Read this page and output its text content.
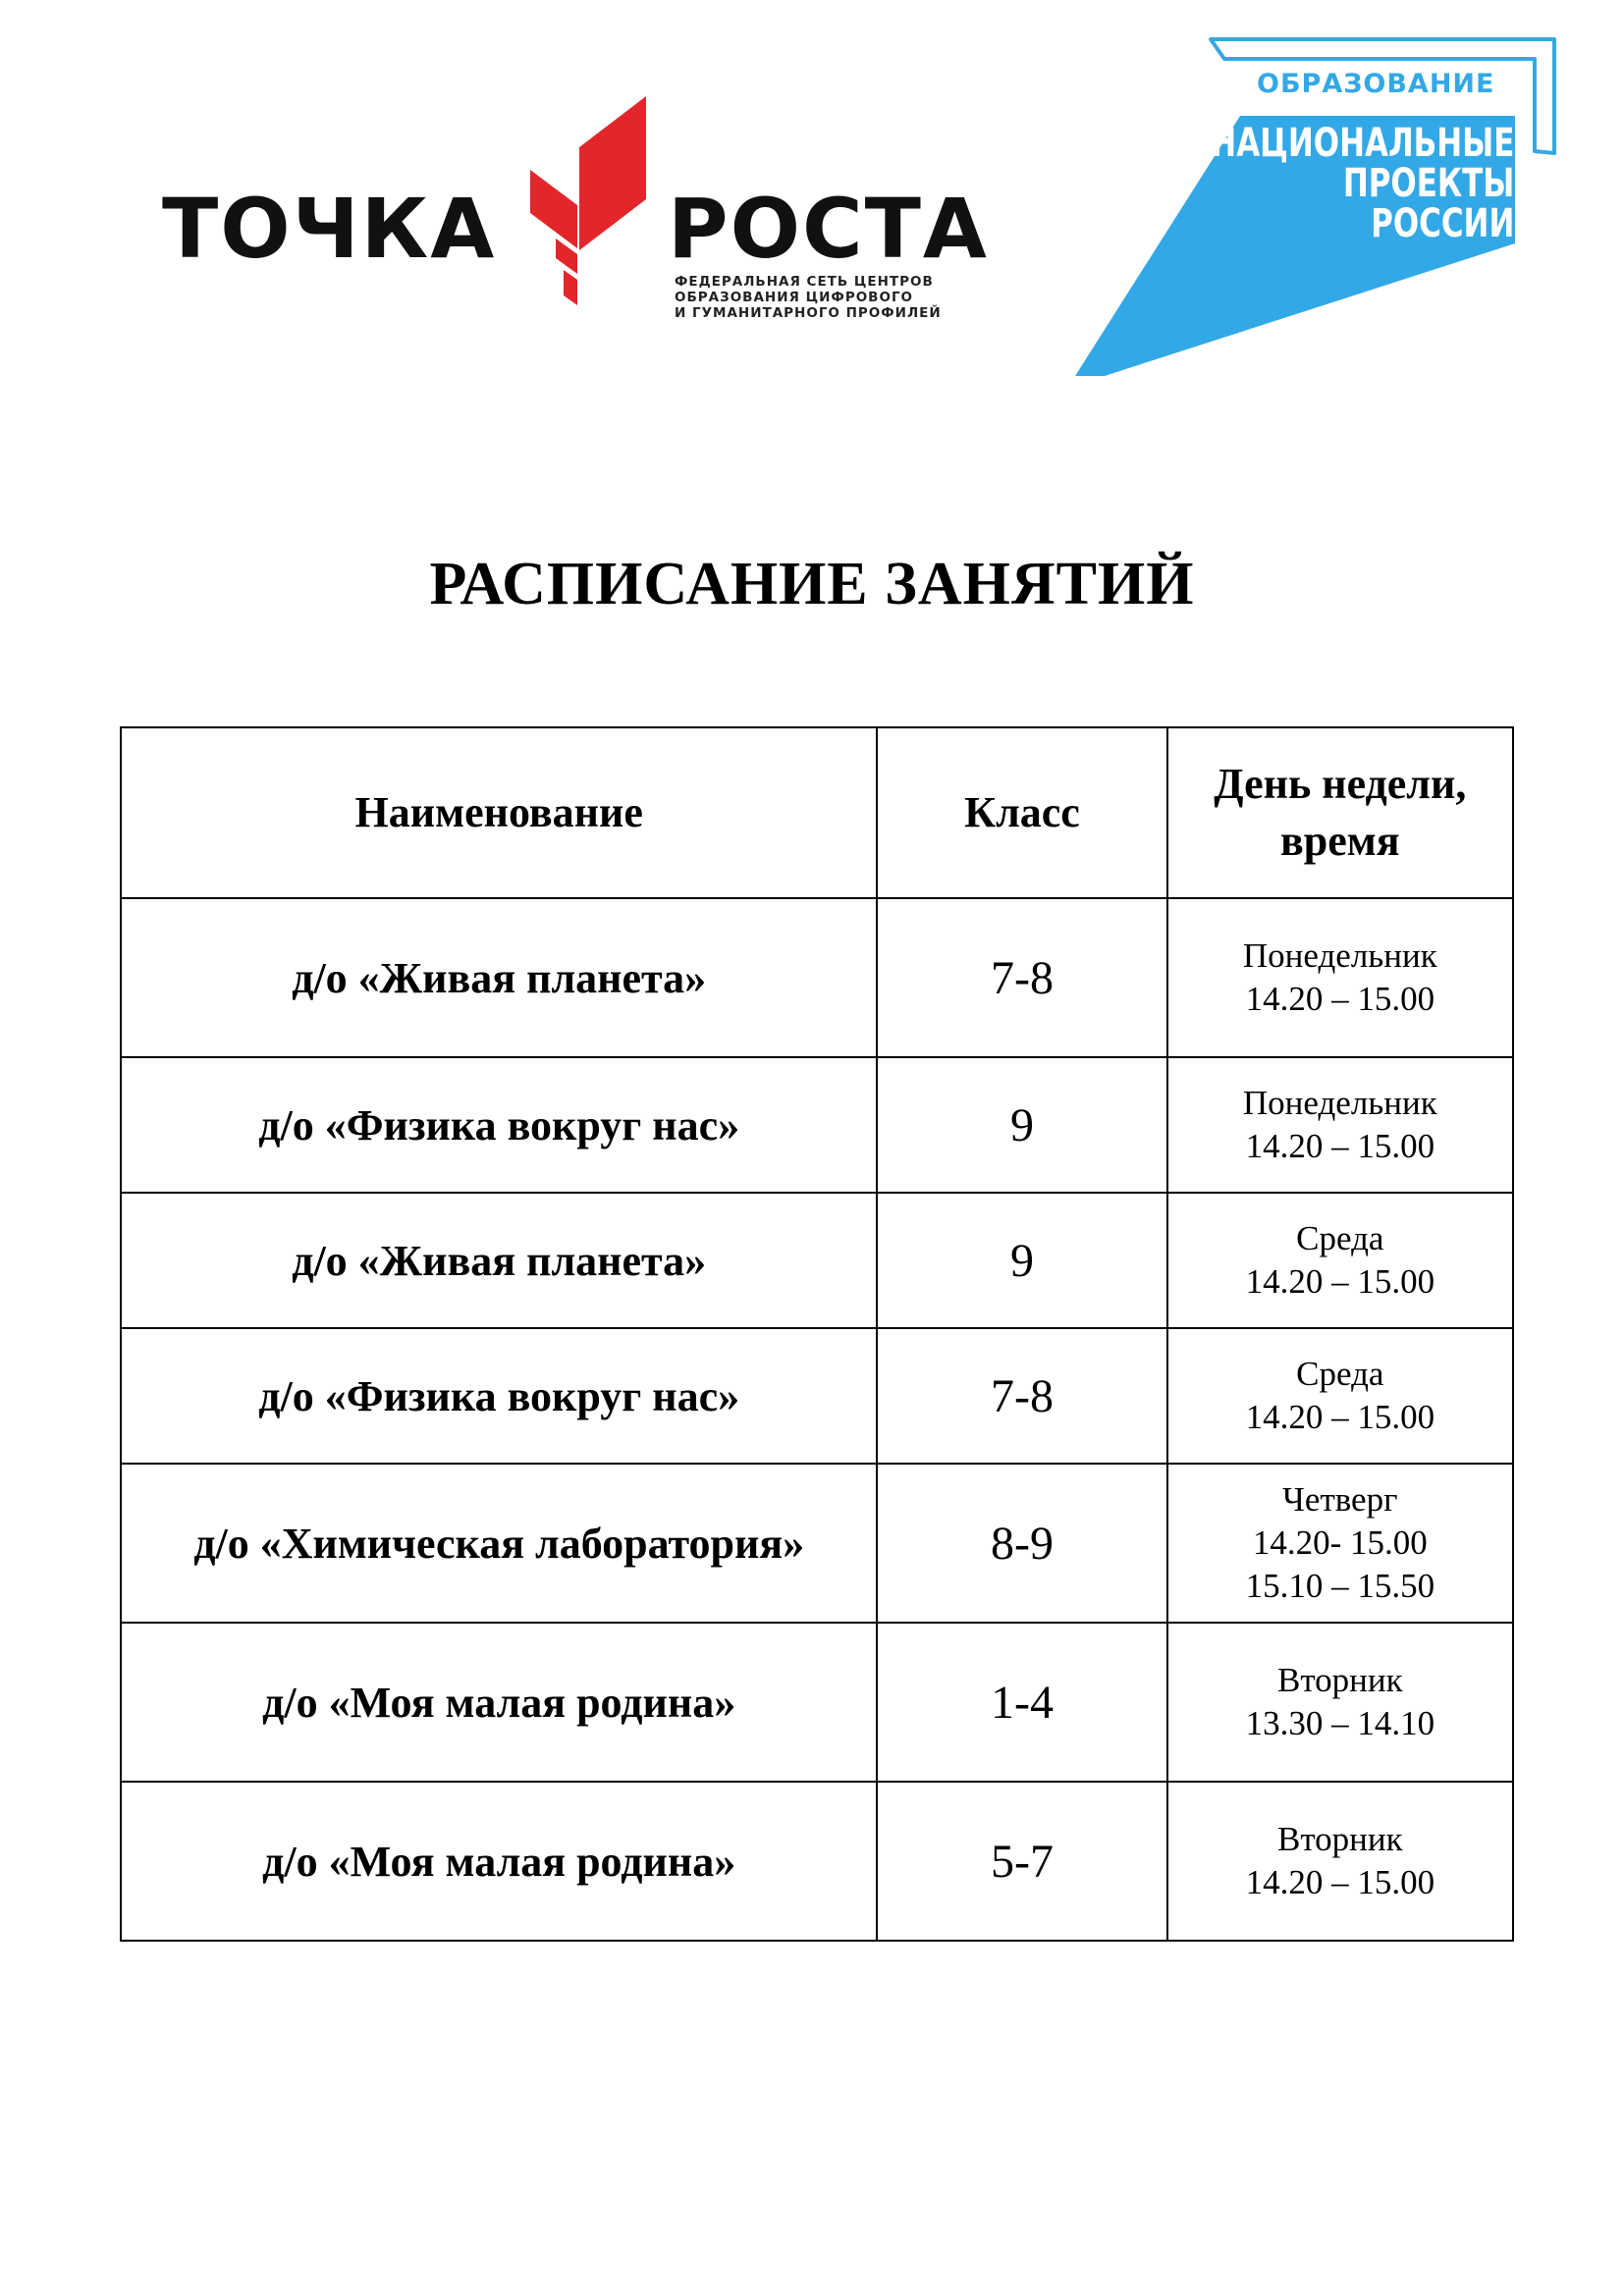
ТОЧКА РОСТА
ФЕДЕРАЛЬНАЯ СЕТЬ ЦЕНТРОВ
ОБРАЗОВАНИЯ ЦИФРОВОГО
И ГУМАНИТАРНОГО ПРОФИЛЕЙ
ОБРАЗОВАНИЕ
НАЦИОНАЛЬНЫЕ
ПРОЕКТЫ
РОССИИ
РАСПИСАНИЕ ЗАНЯТИЙ
Наименование	Класс	День недели,
время

д/о «Живая планета»	7-8	Понедельник
14.20 – 15.00

д/о «Физика вокруг нас»	9	Понедельник
14.20 – 15.00

д/о «Живая планета»	9	Среда
14.20 – 15.00

д/о «Физика вокруг нас»	7-8	Среда
14.20 – 15.00

д/о «Химическая лаборатория»	8-9	Четверг
14.20- 15.00
15.10 – 15.50

д/о «Моя малая родина»	1-4	Вторник
13.30 – 14.10

д/о «Моя малая родина»	5-7	Вторник
14.20 – 15.00
